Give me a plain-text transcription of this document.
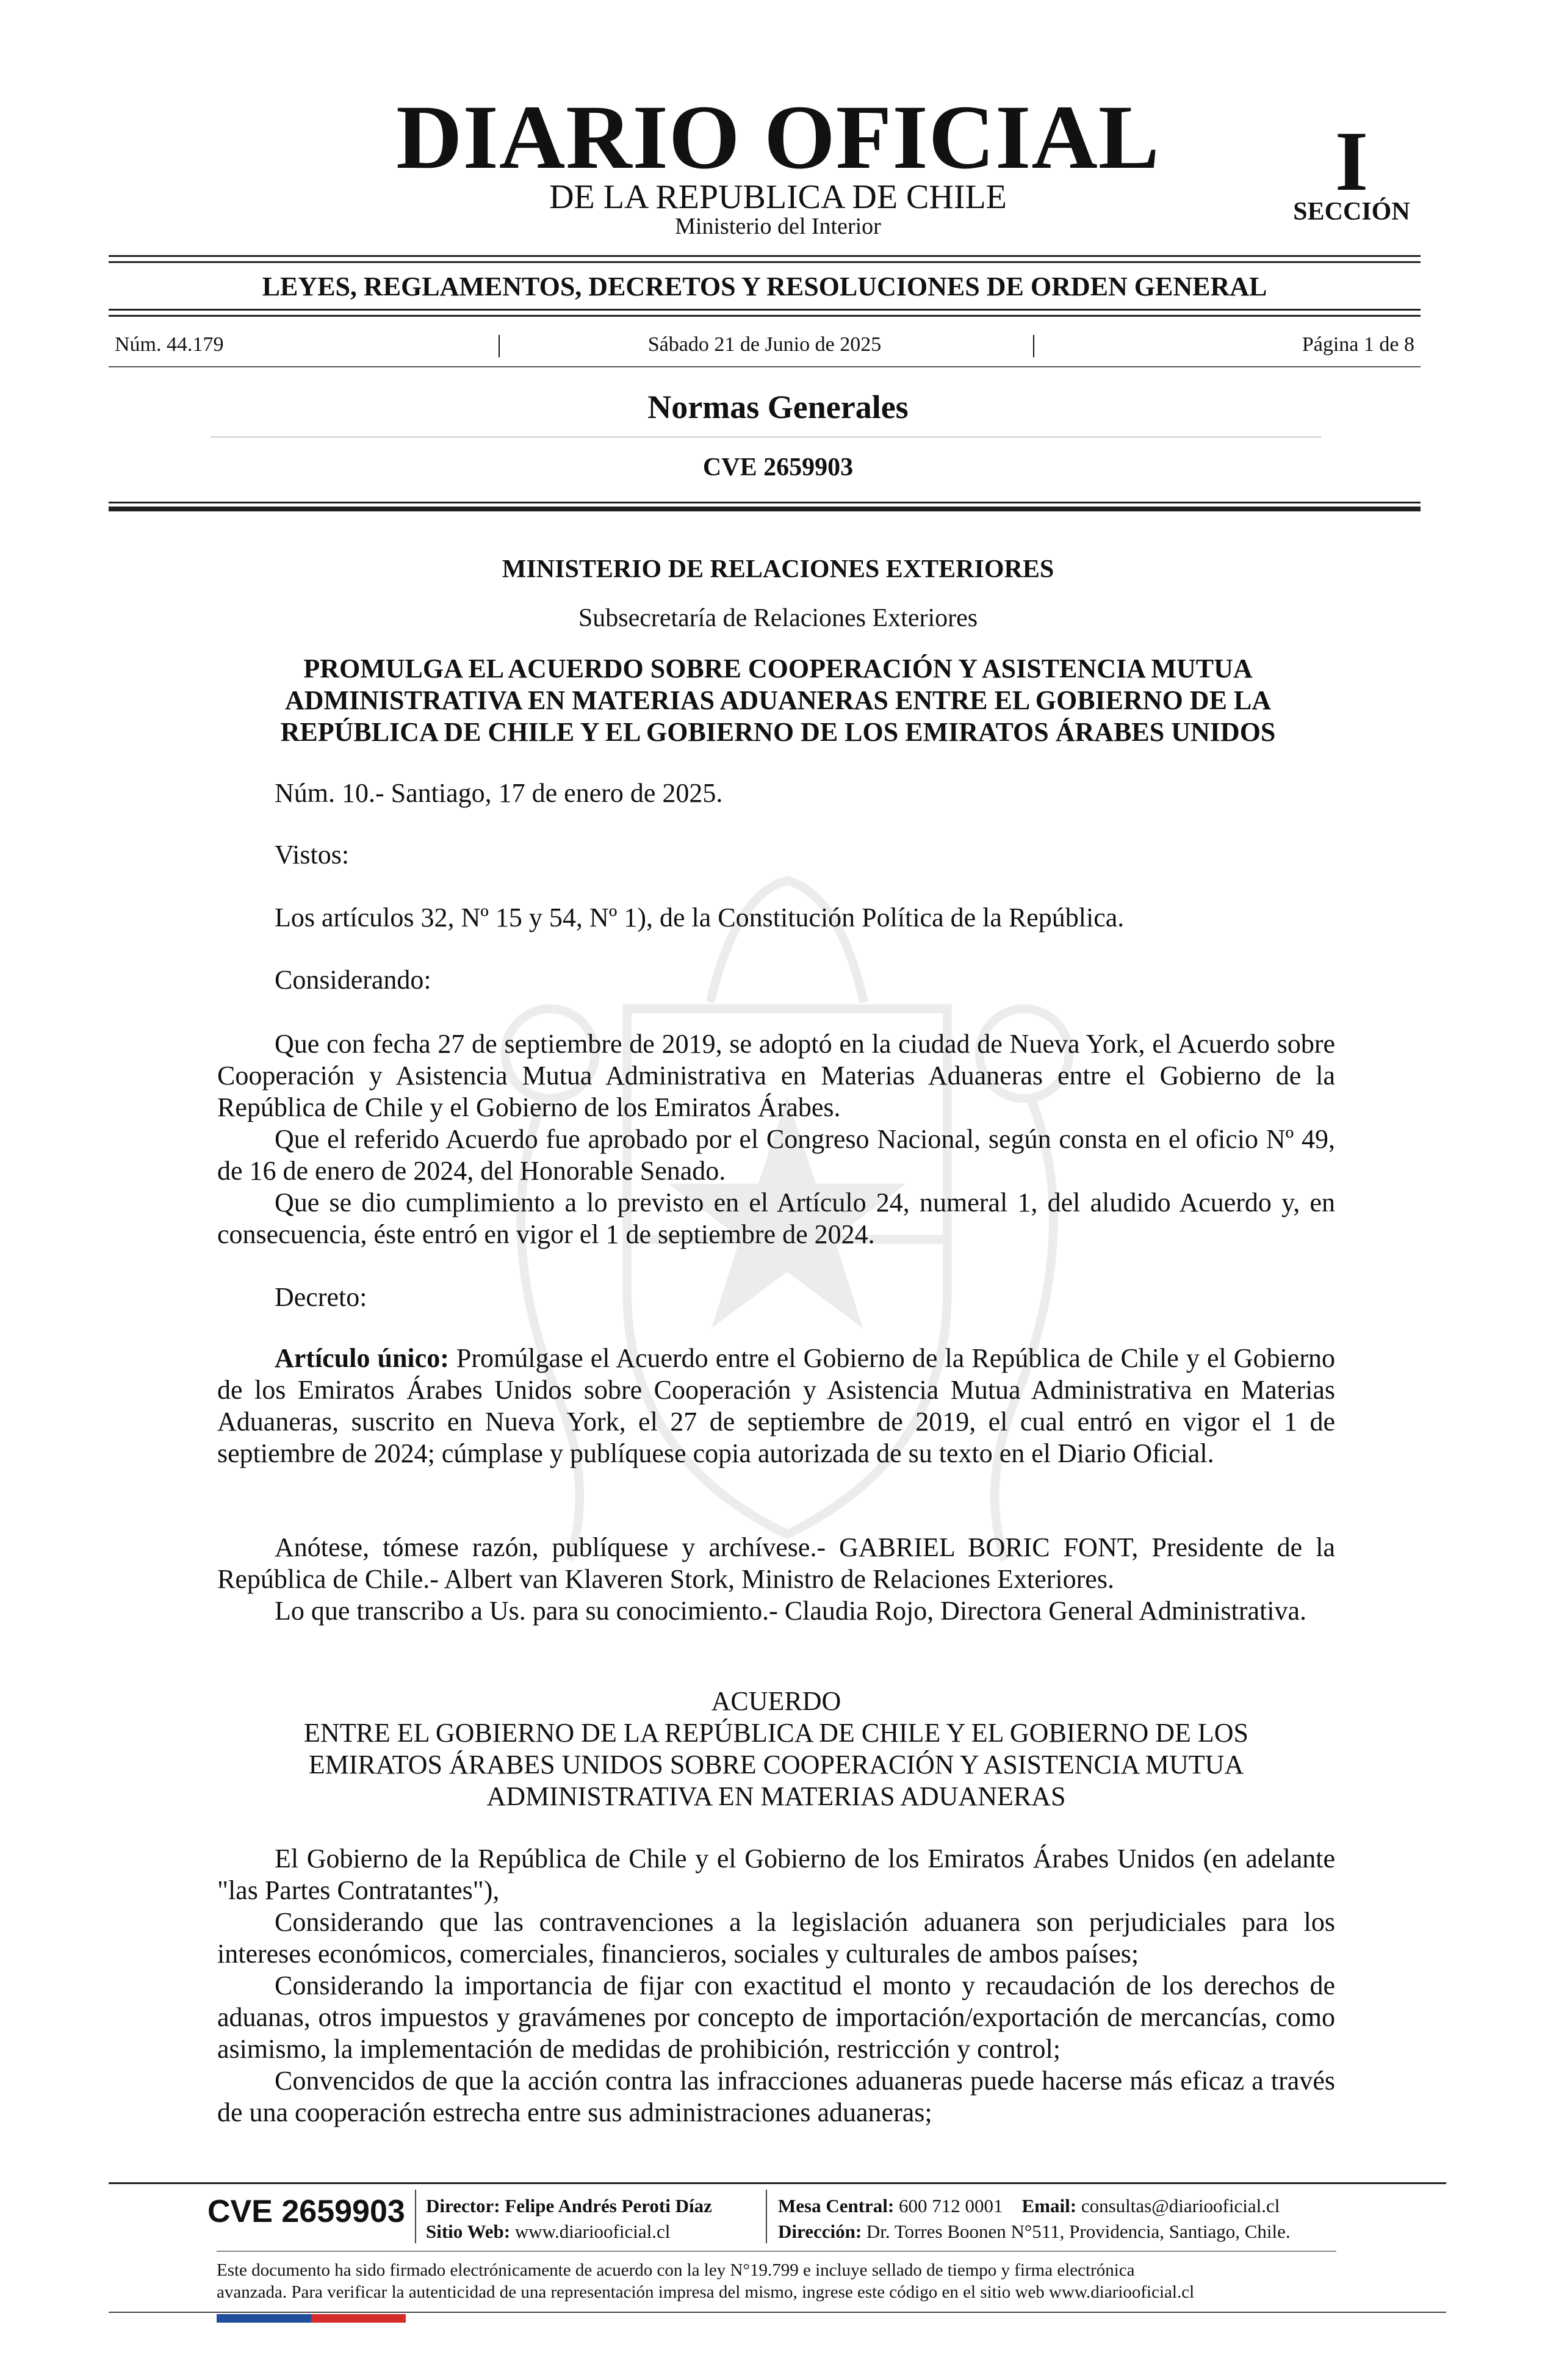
DIARIO OFICIAL
DE LA REPUBLICA DE CHILE
Ministerio del Interior
I
SECCIÓN
LEYES, REGLAMENTOS, DECRETOS Y RESOLUCIONES DE ORDEN GENERAL
Núm. 44.179	|	Sábado 21 de Junio de 2025	|	Página 1 de 8
Normas Generales
CVE 2659903
MINISTERIO DE RELACIONES EXTERIORES
Subsecretaría de Relaciones Exteriores
PROMULGA EL ACUERDO SOBRE COOPERACIÓN Y ASISTENCIA MUTUA
ADMINISTRATIVA EN MATERIAS ADUANERAS ENTRE EL GOBIERNO DE LA
REPÚBLICA DE CHILE Y EL GOBIERNO DE LOS EMIRATOS ÁRABES UNIDOS

Núm. 10.- Santiago, 17 de enero de 2025.

Vistos:

Los artículos 32, Nº 15 y 54, Nº 1), de la Constitución Política de la República.

Considerando:

Que con fecha 27 de septiembre de 2019, se adoptó en la ciudad de Nueva York, el Acuerdo sobre Cooperación y Asistencia Mutua Administrativa en Materias Aduaneras entre el Gobierno de la República de Chile y el Gobierno de los Emiratos Árabes.

Que el referido Acuerdo fue aprobado por el Congreso Nacional, según consta en el oficio Nº 49, de 16 de enero de 2024, del Honorable Senado.

Que se dio cumplimiento a lo previsto en el Artículo 24, numeral 1, del aludido Acuerdo y, en consecuencia, éste entró en vigor el 1 de septiembre de 2024.

Decreto:

Artículo único: Promúlgase el Acuerdo entre el Gobierno de la República de Chile y el Gobierno de los Emiratos Árabes Unidos sobre Cooperación y Asistencia Mutua Administrativa en Materias Aduaneras, suscrito en Nueva York, el 27 de septiembre de 2019, el cual entró en vigor el 1 de septiembre de 2024; cúmplase y publíquese copia autorizada de su texto en el Diario Oficial.

Anótese, tómese razón, publíquese y archívese.- GABRIEL BORIC FONT, Presidente de la República de Chile.- Albert van Klaveren Stork, Ministro de Relaciones Exteriores.

Lo que transcribo a Us. para su conocimiento.- Claudia Rojo, Directora General Administrativa.

ACUERDO
ENTRE EL GOBIERNO DE LA REPÚBLICA DE CHILE Y EL GOBIERNO DE LOS
EMIRATOS ÁRABES UNIDOS SOBRE COOPERACIÓN Y ASISTENCIA MUTUA
ADMINISTRATIVA EN MATERIAS ADUANERAS

El Gobierno de la República de Chile y el Gobierno de los Emiratos Árabes Unidos (en adelante "las Partes Contratantes"),

Considerando que las contravenciones a la legislación aduanera son perjudiciales para los intereses económicos, comerciales, financieros, sociales y culturales de ambos países;

Considerando la importancia de fijar con exactitud el monto y recaudación de los derechos de aduanas, otros impuestos y gravámenes por concepto de importación/exportación de mercancías, como asimismo, la implementación de medidas de prohibición, restricción y control;

Convencidos de que la acción contra las infracciones aduaneras puede hacerse más eficaz a través de una cooperación estrecha entre sus administraciones aduaneras;

CVE 2659903 Director: Felipe Andrés Peroti Díaz
Sitio Web: www.diariooficial.cl
Mesa Central: 600 712 0001 Email: consultas@diariooficial.cl
Dirección: Dr. Torres Boonen N°511, Providencia, Santiago, Chile.
Este documento ha sido firmado electrónicamente de acuerdo con la ley N°19.799 e incluye sellado de tiempo y firma electrónica
avanzada. Para verificar la autenticidad de una representación impresa del mismo, ingrese este código en el sitio web www.diariooficial.cl
